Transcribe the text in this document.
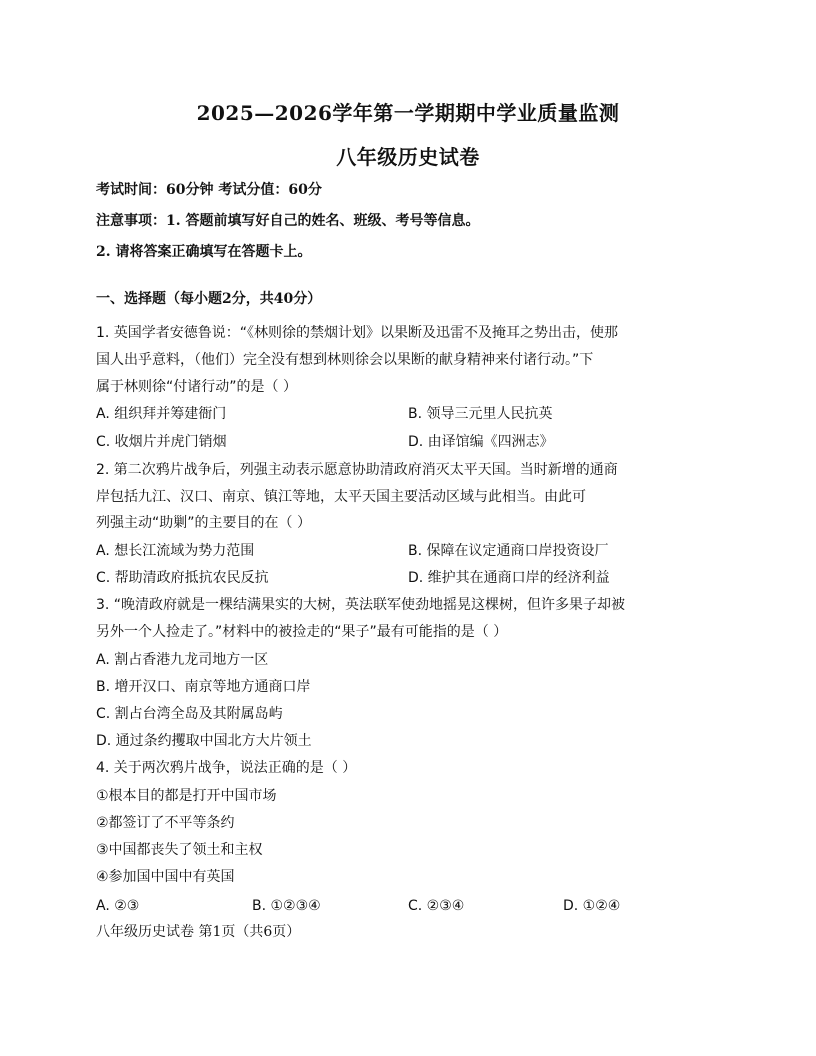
2025—2026学年第一学期期中学业质量监测
八年级历史试卷
考试时间：60分钟 考试分值：60分
注意事项：1. 答题前填写好自己的姓名、班级、考号等信息。
2. 请将答案正确填写在答题卡上。
一、选择题（每小题2分，共40分）
1. 英国学者安德鲁说：“《林则徐的禁烟计划》以果断及迅雷不及掩耳之势出击，使那
国人出乎意料，（他们）完全没有想到林则徐会以果断的献身精神来付诸行动。”下
属于林则徐“付诸行动”的是（ ）
A. 组织拜并筹建衙门	B. 领导三元里人民抗英
C. 收烟片并虎门销烟	D. 由译馆编《四洲志》
2. 第二次鸦片战争后，列强主动表示愿意协助清政府消灭太平天国。当时新增的通商
岸包括九江、汉口、南京、镇江等地，太平天国主要活动区域与此相当。由此可
列强主动“助剿”的主要目的在（ ）
A. 想长江流域为势力范围	B. 保障在议定通商口岸投资设厂
C. 帮助清政府抵抗农民反抗	D. 维护其在通商口岸的经济利益
3. “晚清政府就是一棵结满果实的大树，英法联军使劲地摇晃这棵树，但许多果子却被
另外一个人捡走了。”材料中的被捡走的“果子”最有可能指的是（ ）
A. 割占香港九龙司地方一区
B. 增开汉口、南京等地方通商口岸
C. 割占台湾全岛及其附属岛屿
D. 通过条约攫取中国北方大片领土
4. 关于两次鸦片战争，说法正确的是（ ）
①根本目的都是打开中国市场
②都签订了不平等条约
③中国都丧失了领土和主权
④参加国中国中有英国
A. ②③	B. ①②③④	C. ②③④	D. ①②④
八年级历史试卷 第1页（共6页）
